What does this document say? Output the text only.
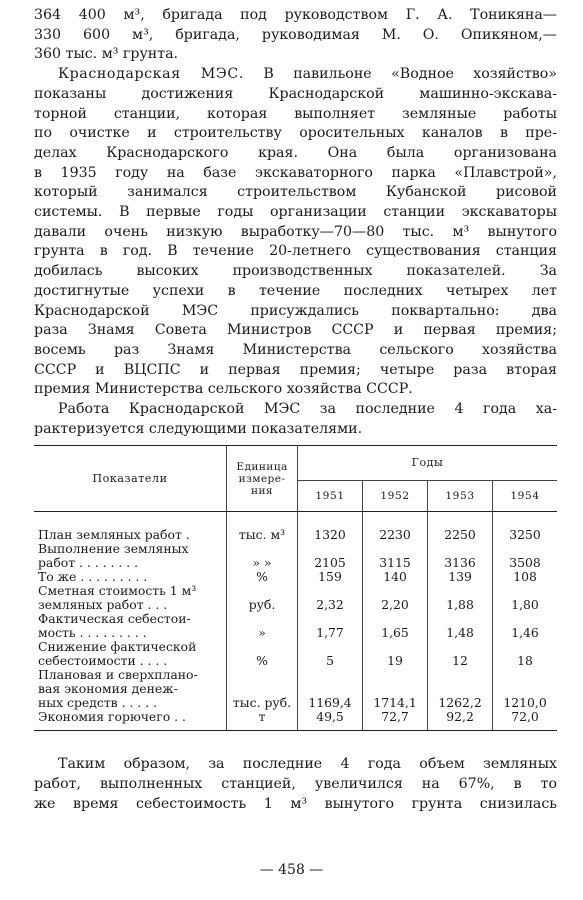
364 400 м³, бригада под руководством Г. А. Тоникяна—
330 600 м³, бригада, руководимая М. О. Опикяном,—
360 тыс. м³ грунта.

Краснодарская МЭС. В павильоне «Водное хозяйство»
показаны достижения Краснодарской машинно-экскава-
торной станции, которая выполняет земляные работы
по очистке и строительству оросительных каналов в пре-
делах Краснодарского края. Она была организована
в 1935 году на базе экскаваторного парка «Плавстрой»,
который занимался строительством Кубанской рисовой
системы. В первые годы организации станции экскаваторы
давали очень низкую выработку—70—80 тыс. м³ вынутого
грунта в год. В течение 20-летнего существования станция
добилась высоких производственных показателей. За
достигнутые успехи в течение последних четырех лет
Краснодарской МЭС присуждались поквартально: два
раза Знамя Совета Министров СССР и первая премия;
восемь раз Знамя Министерства сельского хозяйства
СССР и ВЦСПС и первая премия; четыре раза вторая
премия Министерства сельского хозяйства СССР.

Работа Краснодарской МЭС за последние 4 года ха-
рактеризуется следующими показателями.

Показатели	Единица
измере-
ния	Годы			
		1951	1952	1953	1954

План земляных работ .	тыс. м³	1320	2230	2250	3250

Выполнение земляных
работ . . . . . . . .	» »	2105	3115	3136	3508

То же . . . . . . . . .	%	159	140	139	108

Сметная стоимость 1 м³
земляных работ . . .	руб.	2,32	2,20	1,88	1,80

Фактическая себестои-
мость . . . . . . . . .	»	1,77	1,65	1,48	1,46

Снижение фактической
себестоимости . . . .	%	5	19	12	18

Плановая и сверхплано-
вая экономия денеж-
ных средств . . . . .	тыс. руб.	1169,4	1714,1	1262,2	1210,0

Экономия горючего . .	т	49,5	72,7	92,2	72,0

Таким образом, за последние 4 года объем земляных
работ, выполненных станцией, увеличился на 67%, в то
же время себестоимость 1 м³ вынутого грунта снизилась

— 458 —
